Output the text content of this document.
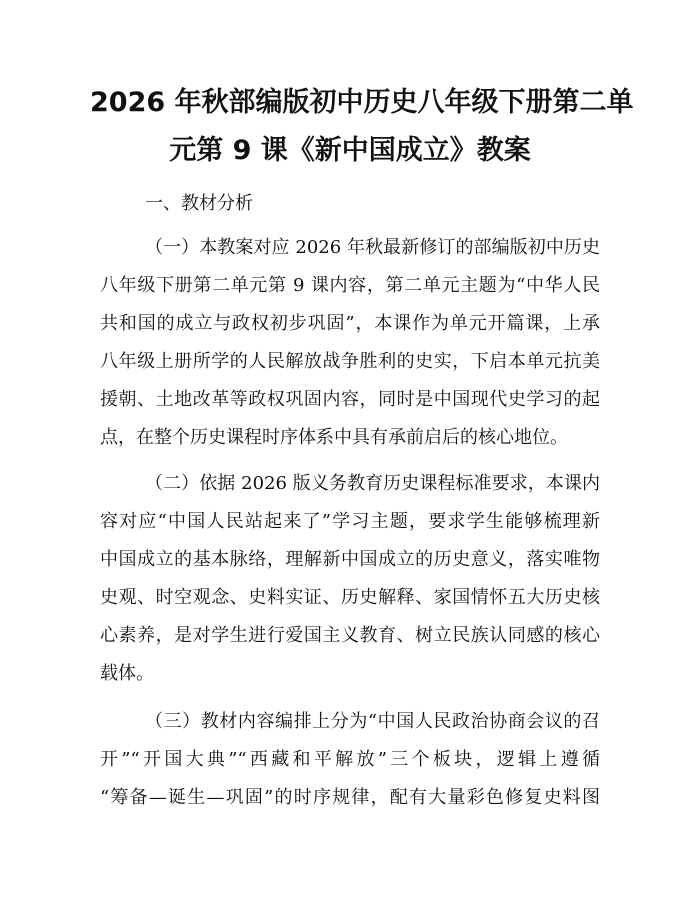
2026 年秋部编版初中历史八年级下册第二单
元第 9 课《新中国成立》教案
一、教材分析
（一）本教案对应 2026 年秋最新修订的部编版初中历史
八年级下册第二单元第 9 课内容，第二单元主题为“中华人民
共和国的成立与政权初步巩固”，本课作为单元开篇课，上承
八年级上册所学的人民解放战争胜利的史实，下启本单元抗美
援朝、土地改革等政权巩固内容，同时是中国现代史学习的起
点，在整个历史课程时序体系中具有承前启后的核心地位。
（二）依据 2026 版义务教育历史课程标准要求，本课内
容对应“中国人民站起来了”学习主题，要求学生能够梳理新
中国成立的基本脉络，理解新中国成立的历史意义，落实唯物
史观、时空观念、史料实证、历史解释、家国情怀五大历史核
心素养，是对学生进行爱国主义教育、树立民族认同感的核心
载体。
（三）教材内容编排上分为“中国人民政治协商会议的召
开”“开国大典”“西藏和平解放”三个板块，逻辑上遵循
“筹备—诞生—巩固”的时序规律，配有大量彩色修复史料图
